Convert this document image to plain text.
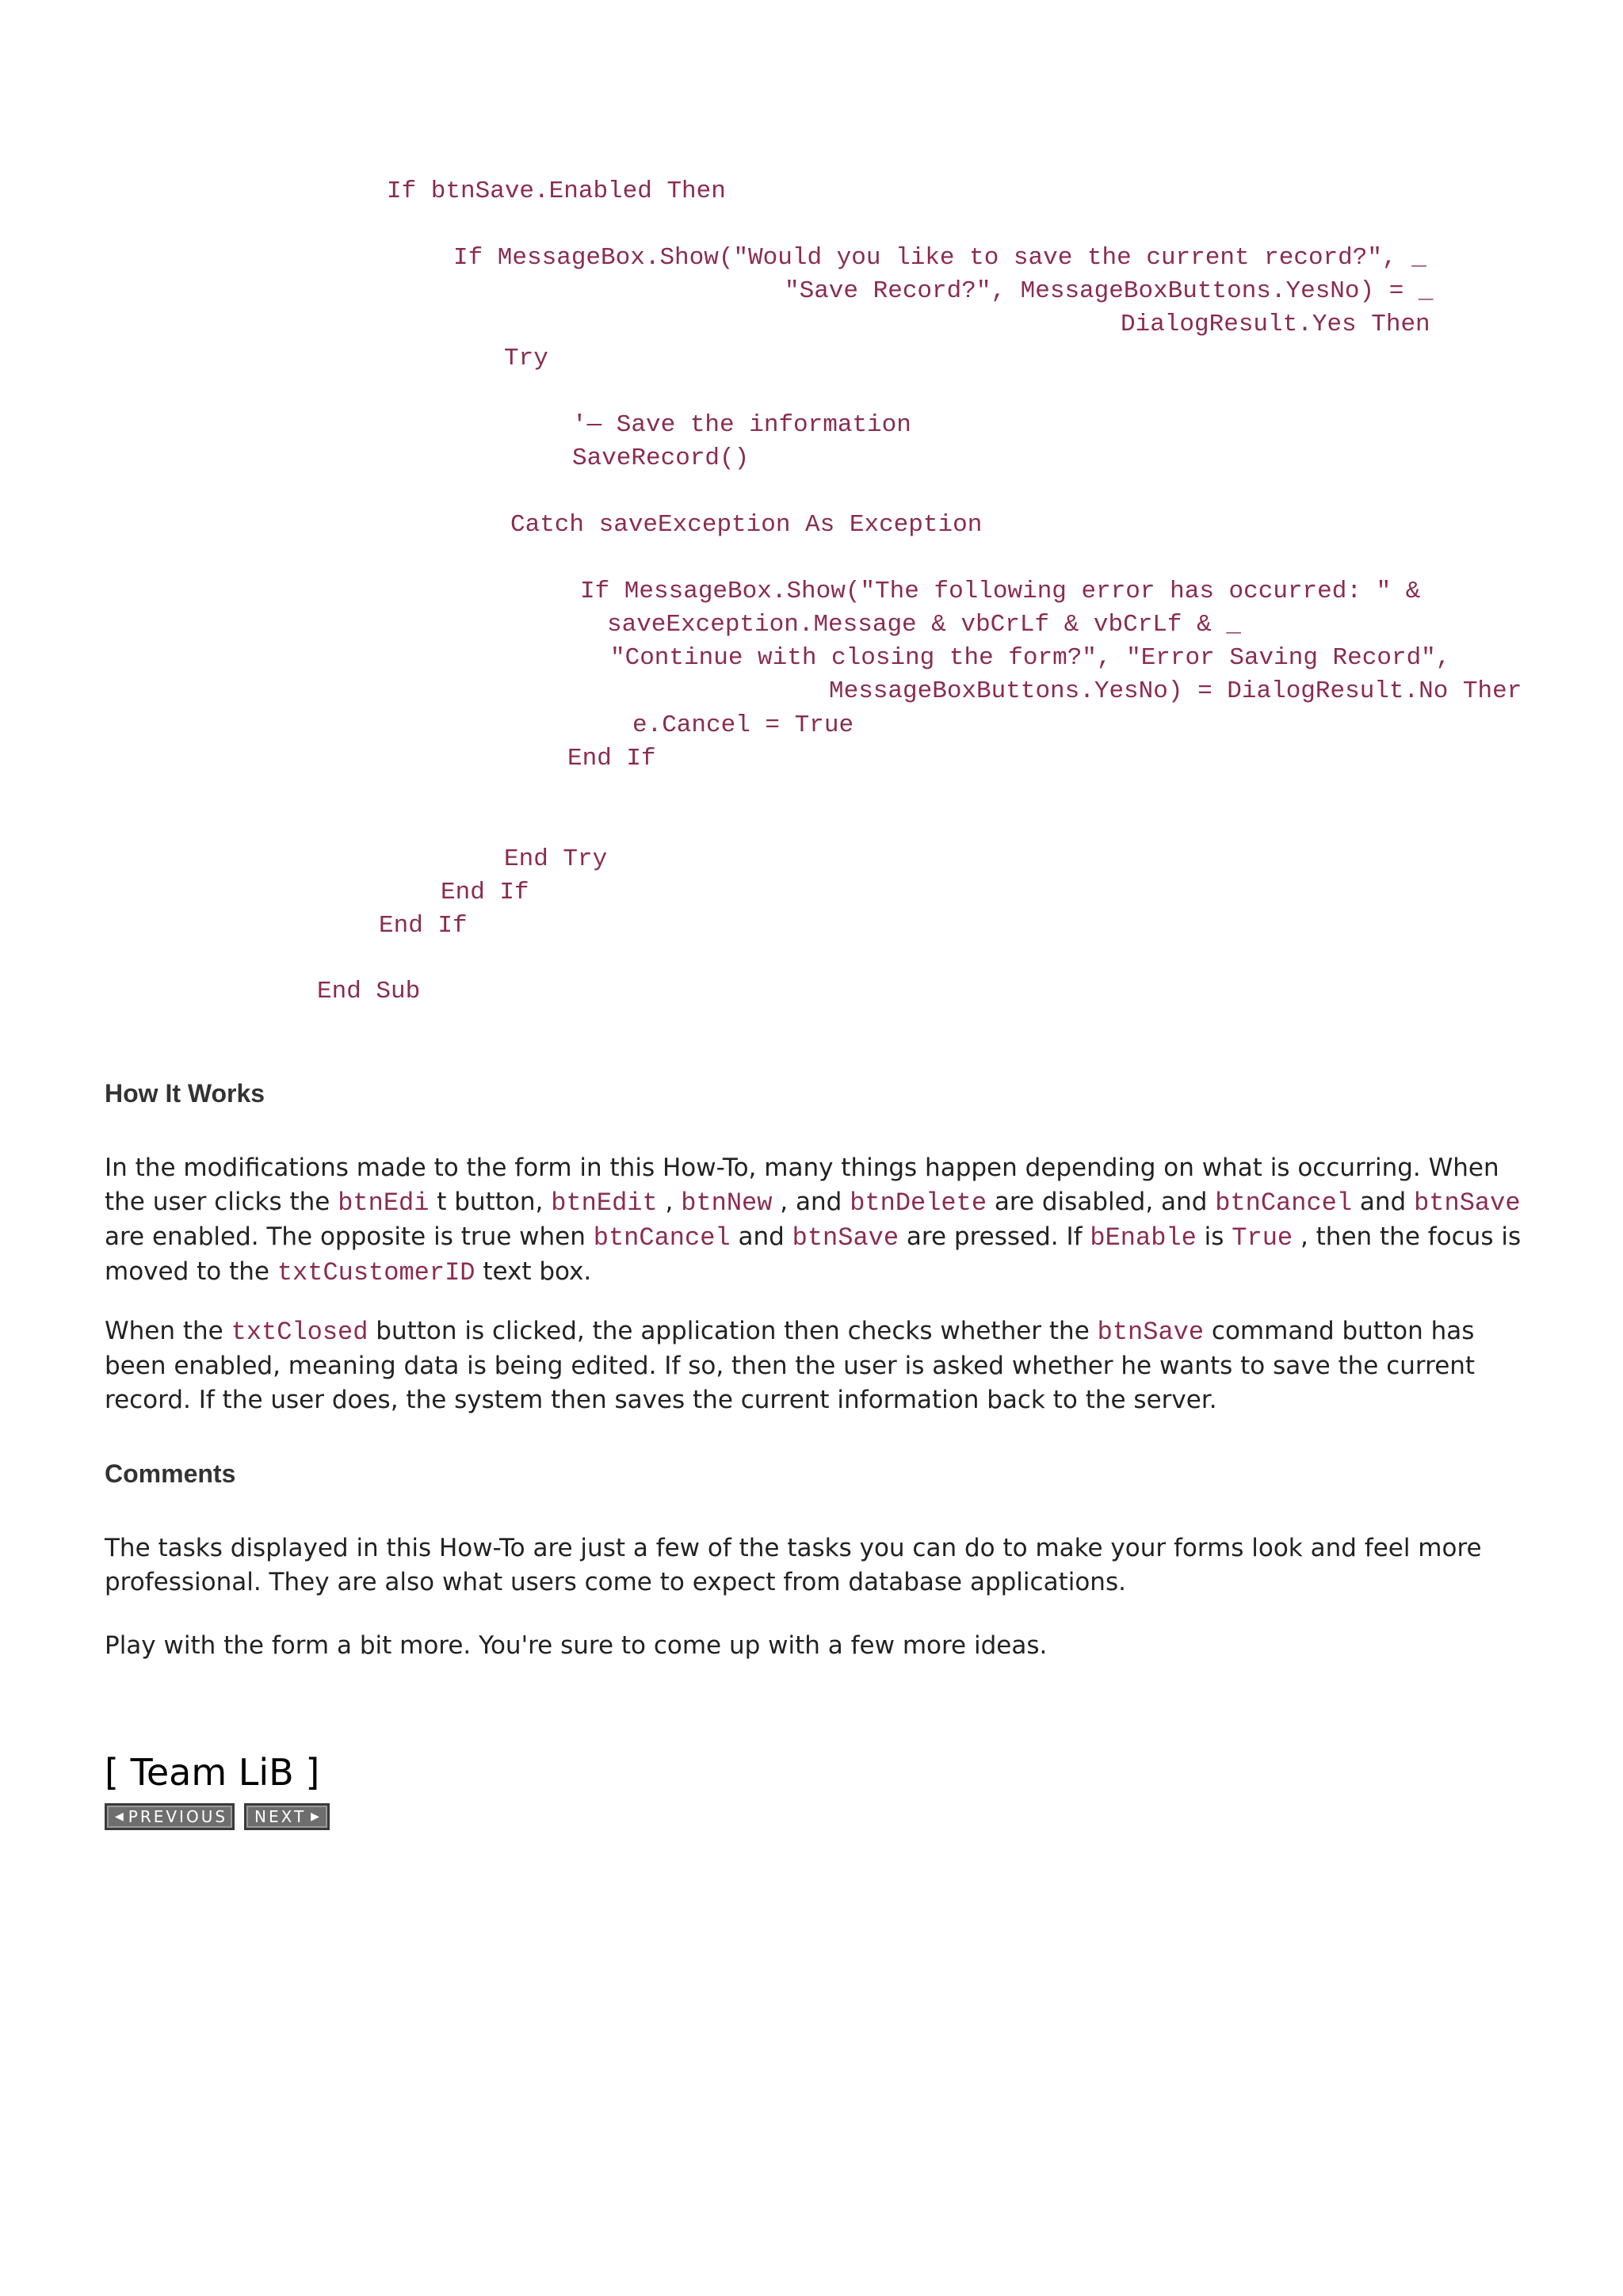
If btnSave.Enabled Then
If MessageBox.Show("Would you like to save the current record?", _
"Save Record?", MessageBoxButtons.YesNo) = _
DialogResult.Yes Then
Try
'— Save the information
SaveRecord()
Catch saveException As Exception
If MessageBox.Show("The following error has occurred: " &
saveException.Message & vbCrLf & vbCrLf & _
"Continue with closing the form?", "Error Saving Record",
MessageBoxButtons.YesNo) = DialogResult.No Ther
e.Cancel = True
End If
End Try
End If
End If
End Sub
How It Works
In the modifications made to the form in this How-To, many things happen depending on what is occurring. When the user clicks the btnEdi t button, btnEdit , btnNew , and btnDelete are disabled, and btnCancel and btnSave are enabled. The opposite is true when btnCancel and btnSave are pressed. If bEnable is True , then the focus is moved to the txtCustomerID text box.
When the txtClosed button is clicked, the application then checks whether the btnSave command button has been enabled, meaning data is being edited. If so, then the user is asked whether he wants to save the current record. If the user does, the system then saves the current information back to the server.
Comments
The tasks displayed in this How-To are just a few of the tasks you can do to make your forms look and feel more professional. They are also what users come to expect from database applications.
Play with the form a bit more. You're sure to come up with a few more ideas.
[ Team LiB ]
◀ PREVIOUS NEXT ▶
